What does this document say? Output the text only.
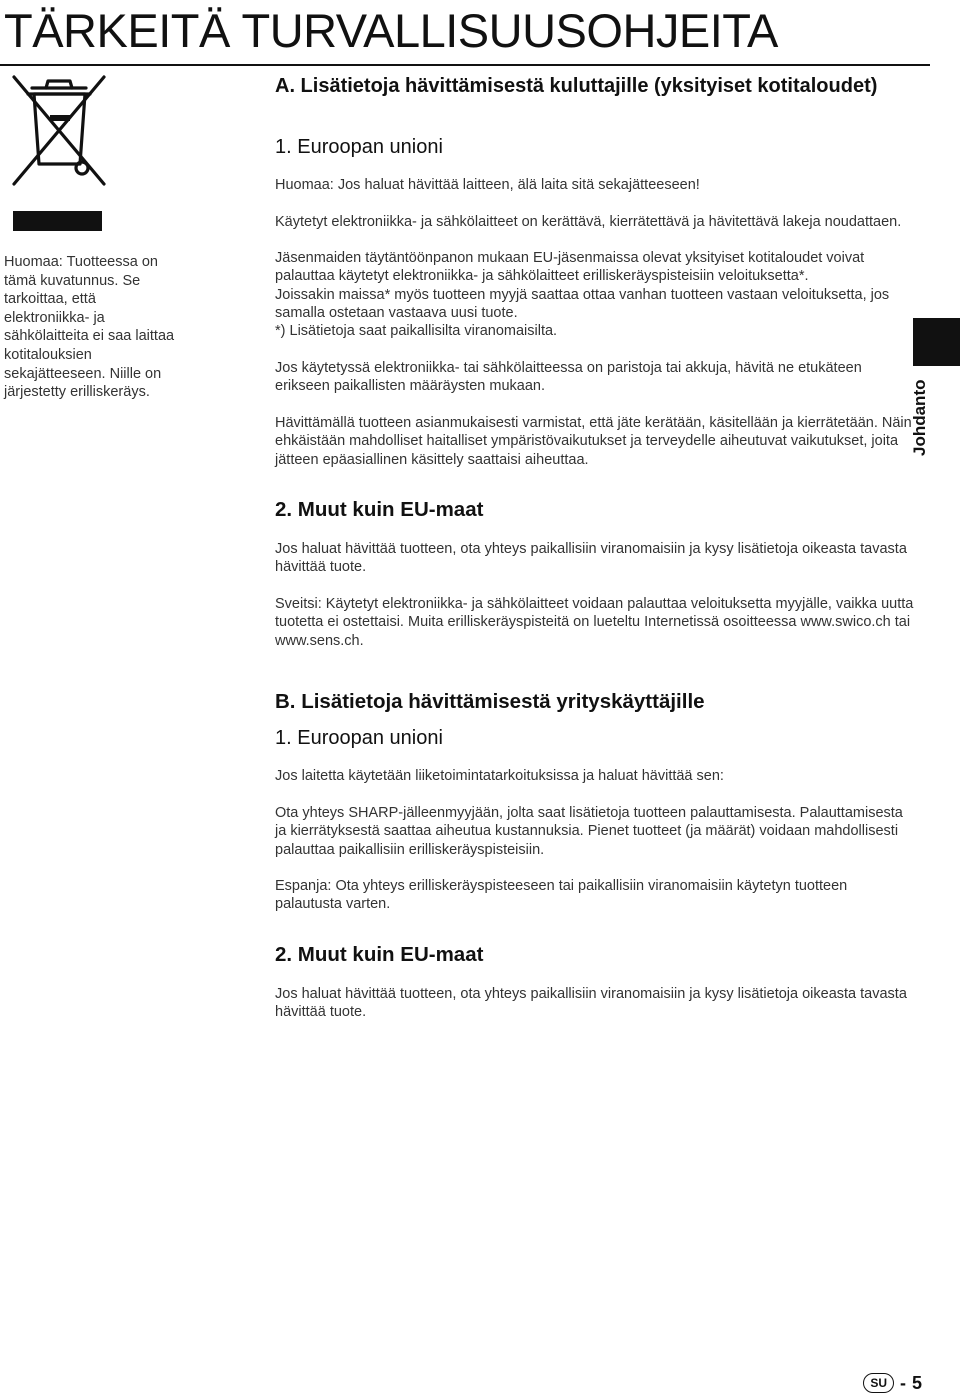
TÄRKEITÄ TURVALLISUUSOHJEITA

Huomaa: Tuotteessa on tämä kuvatunnus. Se tarkoittaa, että elektroniikka- ja sähkölaitteita ei saa laittaa kotitalouksien sekajätteeseen. Niille on järjestetty erilliskeräys.

A. Lisätietoja hävittämisestä kuluttajille (yksityiset kotitaloudet)
1. Euroopan unioni

Huomaa: Jos haluat hävittää laitteen, älä laita sitä sekajätteeseen!

Käytetyt elektroniikka- ja sähkölaitteet on kerättävä, kierrätettävä ja hävitettävä lakeja noudattaen.

Jäsenmaiden täytäntöönpanon mukaan EU-jäsenmaissa olevat yksityiset kotitaloudet voivat palauttaa käytetyt elektroniikka- ja sähkölaitteet erilliskeräyspisteisiin veloituksetta*.

Joissakin maissa* myös tuotteen myyjä saattaa ottaa vanhan tuotteen vastaan veloituksetta, jos samalla ostetaan vastaava uusi tuote.

*) Lisätietoja saat paikallisilta viranomaisilta.

Jos käytetyssä elektroniikka- tai sähkölaitteessa on paristoja tai akkuja, hävitä ne etukäteen erikseen paikallisten määräysten mukaan.

Hävittämällä tuotteen asianmukaisesti varmistat, että jäte kerätään, käsitellään ja kierrätetään. Näin ehkäistään mahdolliset haitalliset ympäristövaikutukset ja terveydelle aiheutuvat vaikutukset, joita jätteen epäasiallinen käsittely saattaisi aiheuttaa.

2. Muut kuin EU-maat

Jos haluat hävittää tuotteen, ota yhteys paikallisiin viranomaisiin ja kysy lisätietoja oikeasta tavasta hävittää tuote.

Sveitsi: Käytetyt elektroniikka- ja sähkölaitteet voidaan palauttaa veloituksetta myyjälle, vaikka uutta tuotetta ei ostettaisi. Muita erilliskeräyspisteitä on lueteltu Internetissä osoitteessa www.swico.ch tai www.sens.ch.

B. Lisätietoja hävittämisestä yrityskäyttäjille
1. Euroopan unioni

Jos laitetta käytetään liiketoimintatarkoituksissa ja haluat hävittää sen:

Ota yhteys SHARP-jälleenmyyjään, jolta saat lisätietoja tuotteen palauttamisesta. Palauttamisesta ja kierrätyksestä saattaa aiheutua kustannuksia. Pienet tuotteet (ja määrät) voidaan mahdollisesti palauttaa paikallisiin erilliskeräyspisteisiin.

Espanja: Ota yhteys erilliskeräyspisteeseen tai paikallisiin viranomaisiin käytetyn tuotteen palautusta varten.

2. Muut kuin EU-maat

Jos haluat hävittää tuotteen, ota yhteys paikallisiin viranomaisiin ja kysy lisätietoja oikeasta tavasta hävittää tuote.

Johdanto
SU - 5
